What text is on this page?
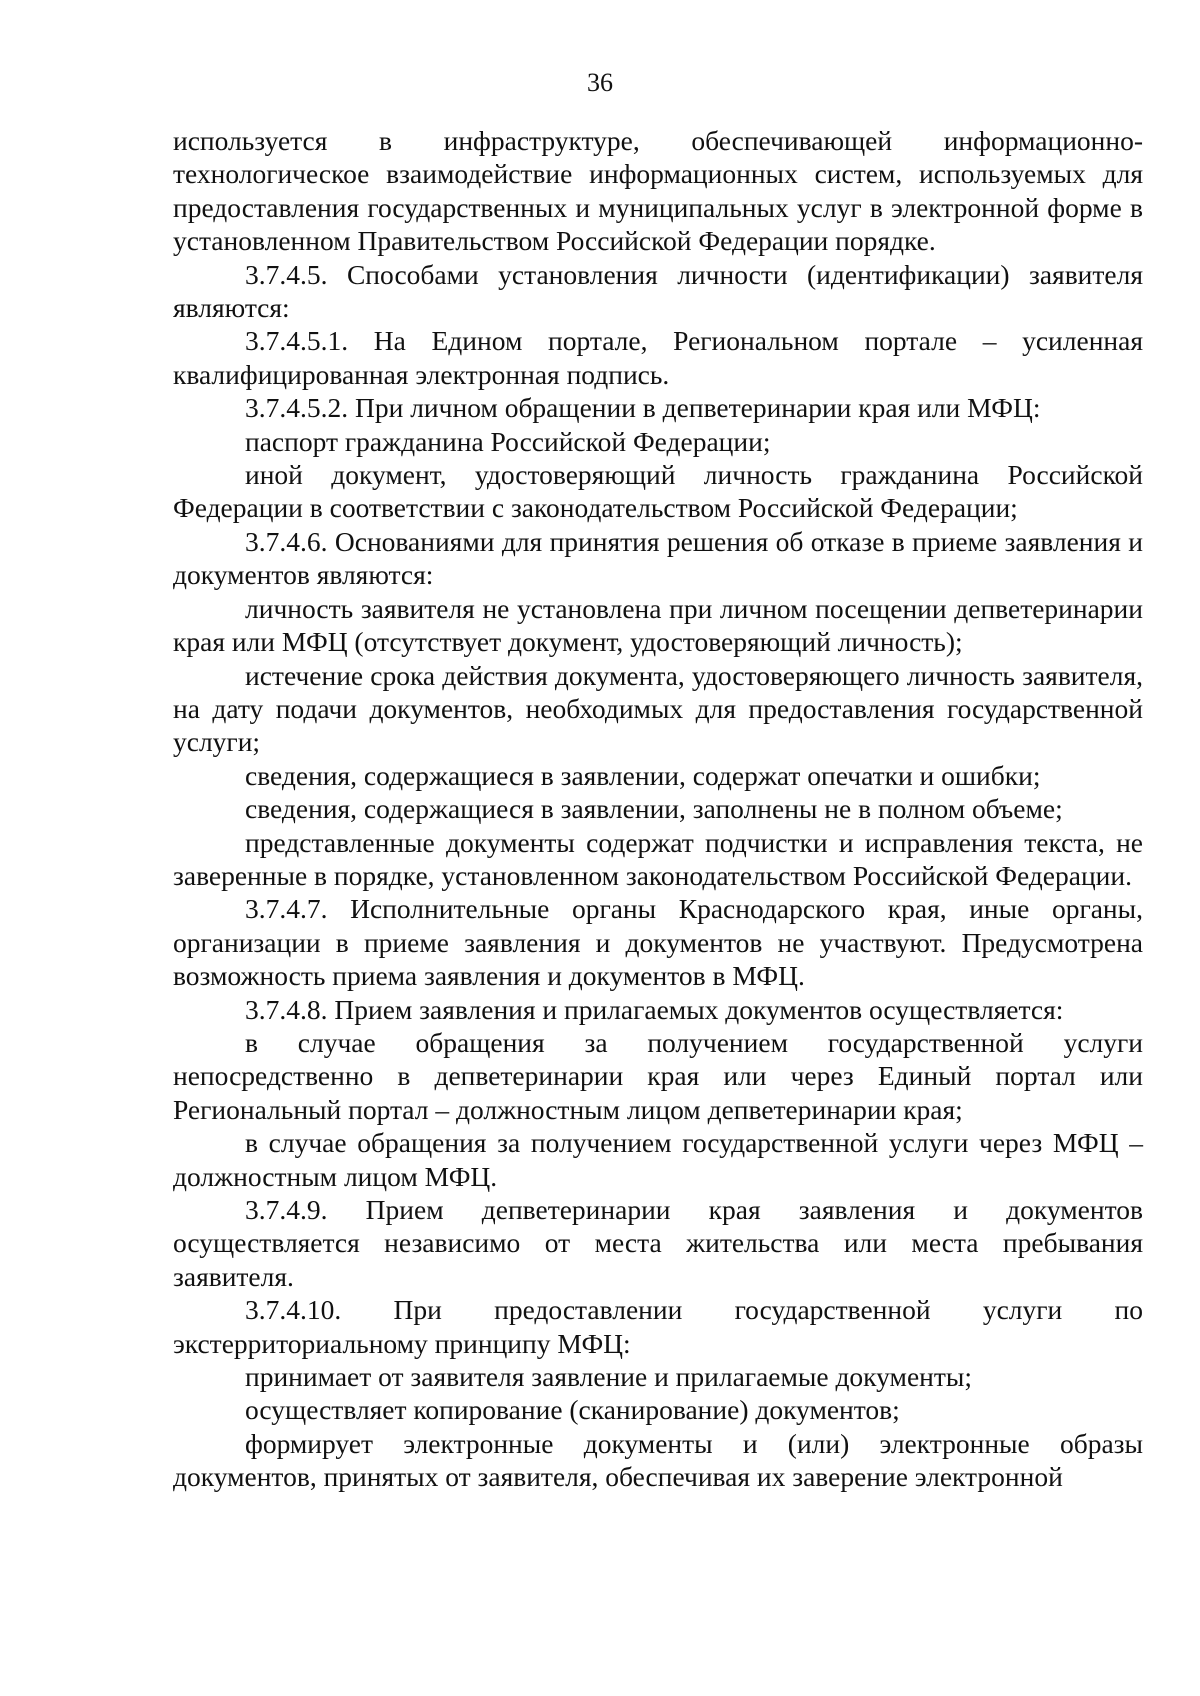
36

используется в инфраструктуре, обеспечивающей информационно-технологическое взаимодействие информационных систем, используемых для предоставления государственных и муниципальных услуг в электронной форме в установленном Правительством Российской Федерации порядке.

3.7.4.5. Способами установления личности (идентификации) заявителя являются:

3.7.4.5.1. На Едином портале, Региональном портале – усиленная квалифицированная электронная подпись.

3.7.4.5.2. При личном обращении в депветеринарии края или МФЦ:

паспорт гражданина Российской Федерации;

иной документ, удостоверяющий личность гражданина Российской Федерации в соответствии с законодательством Российской Федерации;

3.7.4.6. Основаниями для принятия решения об отказе в приеме заявления и документов являются:

личность заявителя не установлена при личном посещении депветеринарии края или МФЦ (отсутствует документ, удостоверяющий личность);

истечение срока действия документа, удостоверяющего личность заявителя, на дату подачи документов, необходимых для предоставления государственной услуги;

сведения, содержащиеся в заявлении, содержат опечатки и ошибки;

сведения, содержащиеся в заявлении, заполнены не в полном объеме;

представленные документы содержат подчистки и исправления текста, не заверенные в порядке, установленном законодательством Российской Федерации.

3.7.4.7. Исполнительные органы Краснодарского края, иные органы, организации в приеме заявления и документов не участвуют. Предусмотрена возможность приема заявления и документов в МФЦ.

3.7.4.8. Прием заявления и прилагаемых документов осуществляется:

в случае обращения за получением государственной услуги непосредственно в депветеринарии края или через Единый портал или Региональный портал – должностным лицом депветеринарии края;

в случае обращения за получением государственной услуги через МФЦ – должностным лицом МФЦ.

3.7.4.9. Прием депветеринарии края заявления и документов осуществляется независимо от места жительства или места пребывания заявителя.

3.7.4.10. При предоставлении государственной услуги по экстерриториальному принципу МФЦ:

принимает от заявителя заявление и прилагаемые документы;

осуществляет копирование (сканирование) документов;

формирует электронные документы и (или) электронные образы документов, принятых от заявителя, обеспечивая их заверение электронной
